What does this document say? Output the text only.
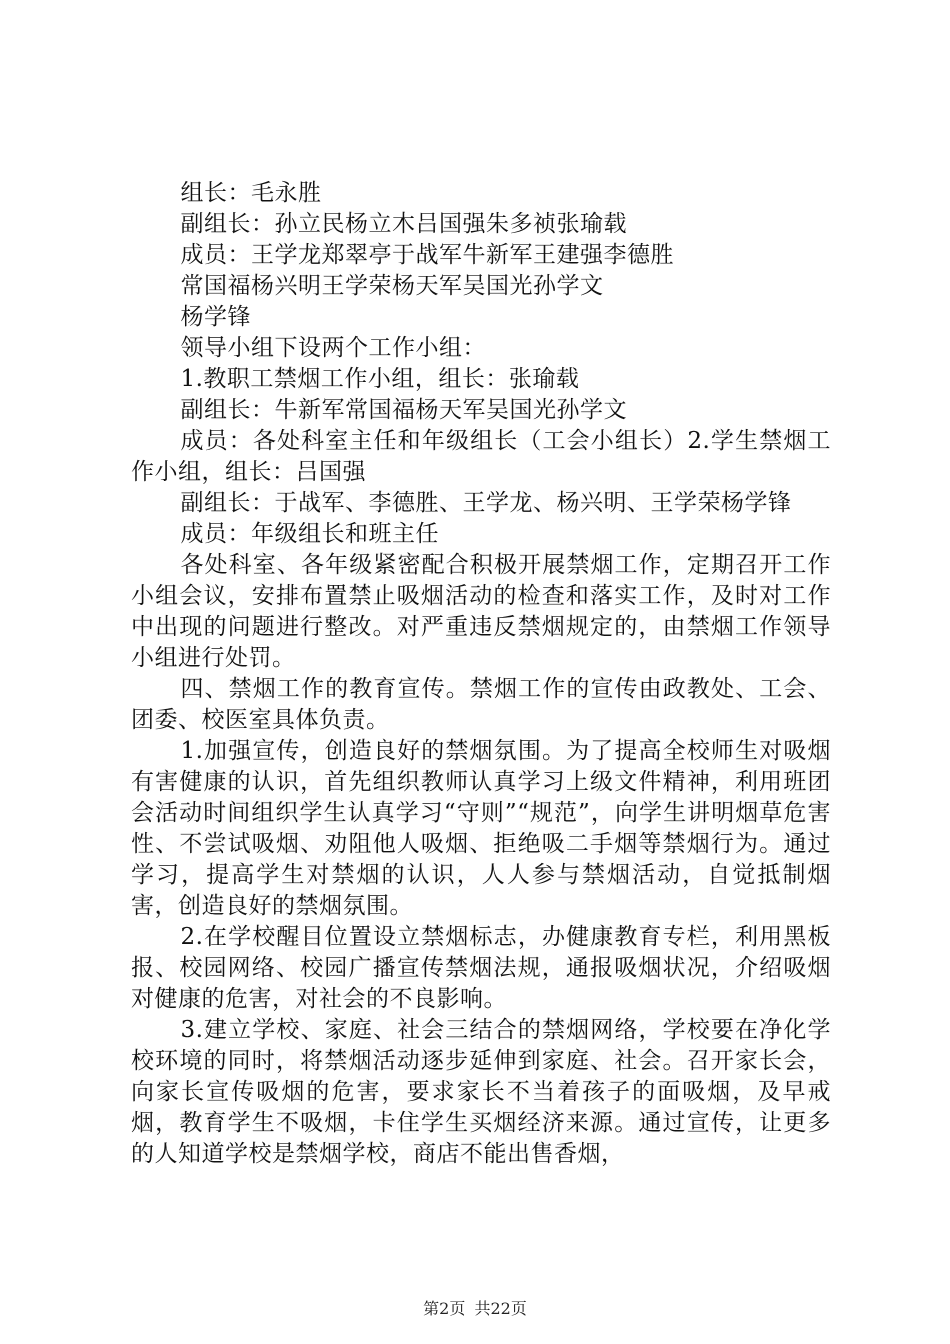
组长：毛永胜

副组长：孙立民杨立木吕国强朱多祯张瑜载

成员：王学龙郑翠亭于战军牛新军王建强李德胜

常国福杨兴明王学荣杨天军吴国光孙学文

杨学锋

领导小组下设两个工作小组：

1.教职工禁烟工作小组，组长：张瑜载

副组长：牛新军常国福杨天军吴国光孙学文

成员：各处科室主任和年级组长（工会小组长）2.学生禁烟工作小组，组长：吕国强

副组长：于战军、李德胜、王学龙、杨兴明、王学荣杨学锋

成员：年级组长和班主任

各处科室、各年级紧密配合积极开展禁烟工作，定期召开工作小组会议，安排布置禁止吸烟活动的检查和落实工作，及时对工作中出现的问题进行整改。对严重违反禁烟规定的，由禁烟工作领导小组进行处罚。

四、禁烟工作的教育宣传。禁烟工作的宣传由政教处、工会、团委、校医室具体负责。

1.加强宣传，创造良好的禁烟氛围。为了提高全校师生对吸烟有害健康的认识，首先组织教师认真学习上级文件精神，利用班团会活动时间组织学生认真学习“守则”“规范”，向学生讲明烟草危害性、不尝试吸烟、劝阻他人吸烟、拒绝吸二手烟等禁烟行为。通过学习，提高学生对禁烟的认识，人人参与禁烟活动，自觉抵制烟害，创造良好的禁烟氛围。

2.在学校醒目位置设立禁烟标志，办健康教育专栏，利用黑板报、校园网络、校园广播宣传禁烟法规，通报吸烟状况，介绍吸烟对健康的危害，对社会的不良影响。

3.建立学校、家庭、社会三结合的禁烟网络，学校要在净化学校环境的同时，将禁烟活动逐步延伸到家庭、社会。召开家长会，向家长宣传吸烟的危害，要求家长不当着孩子的面吸烟，及早戒烟，教育学生不吸烟，卡住学生买烟经济来源。通过宣传，让更多的人知道学校是禁烟学校，商店不能出售香烟，

第2页 共22页
